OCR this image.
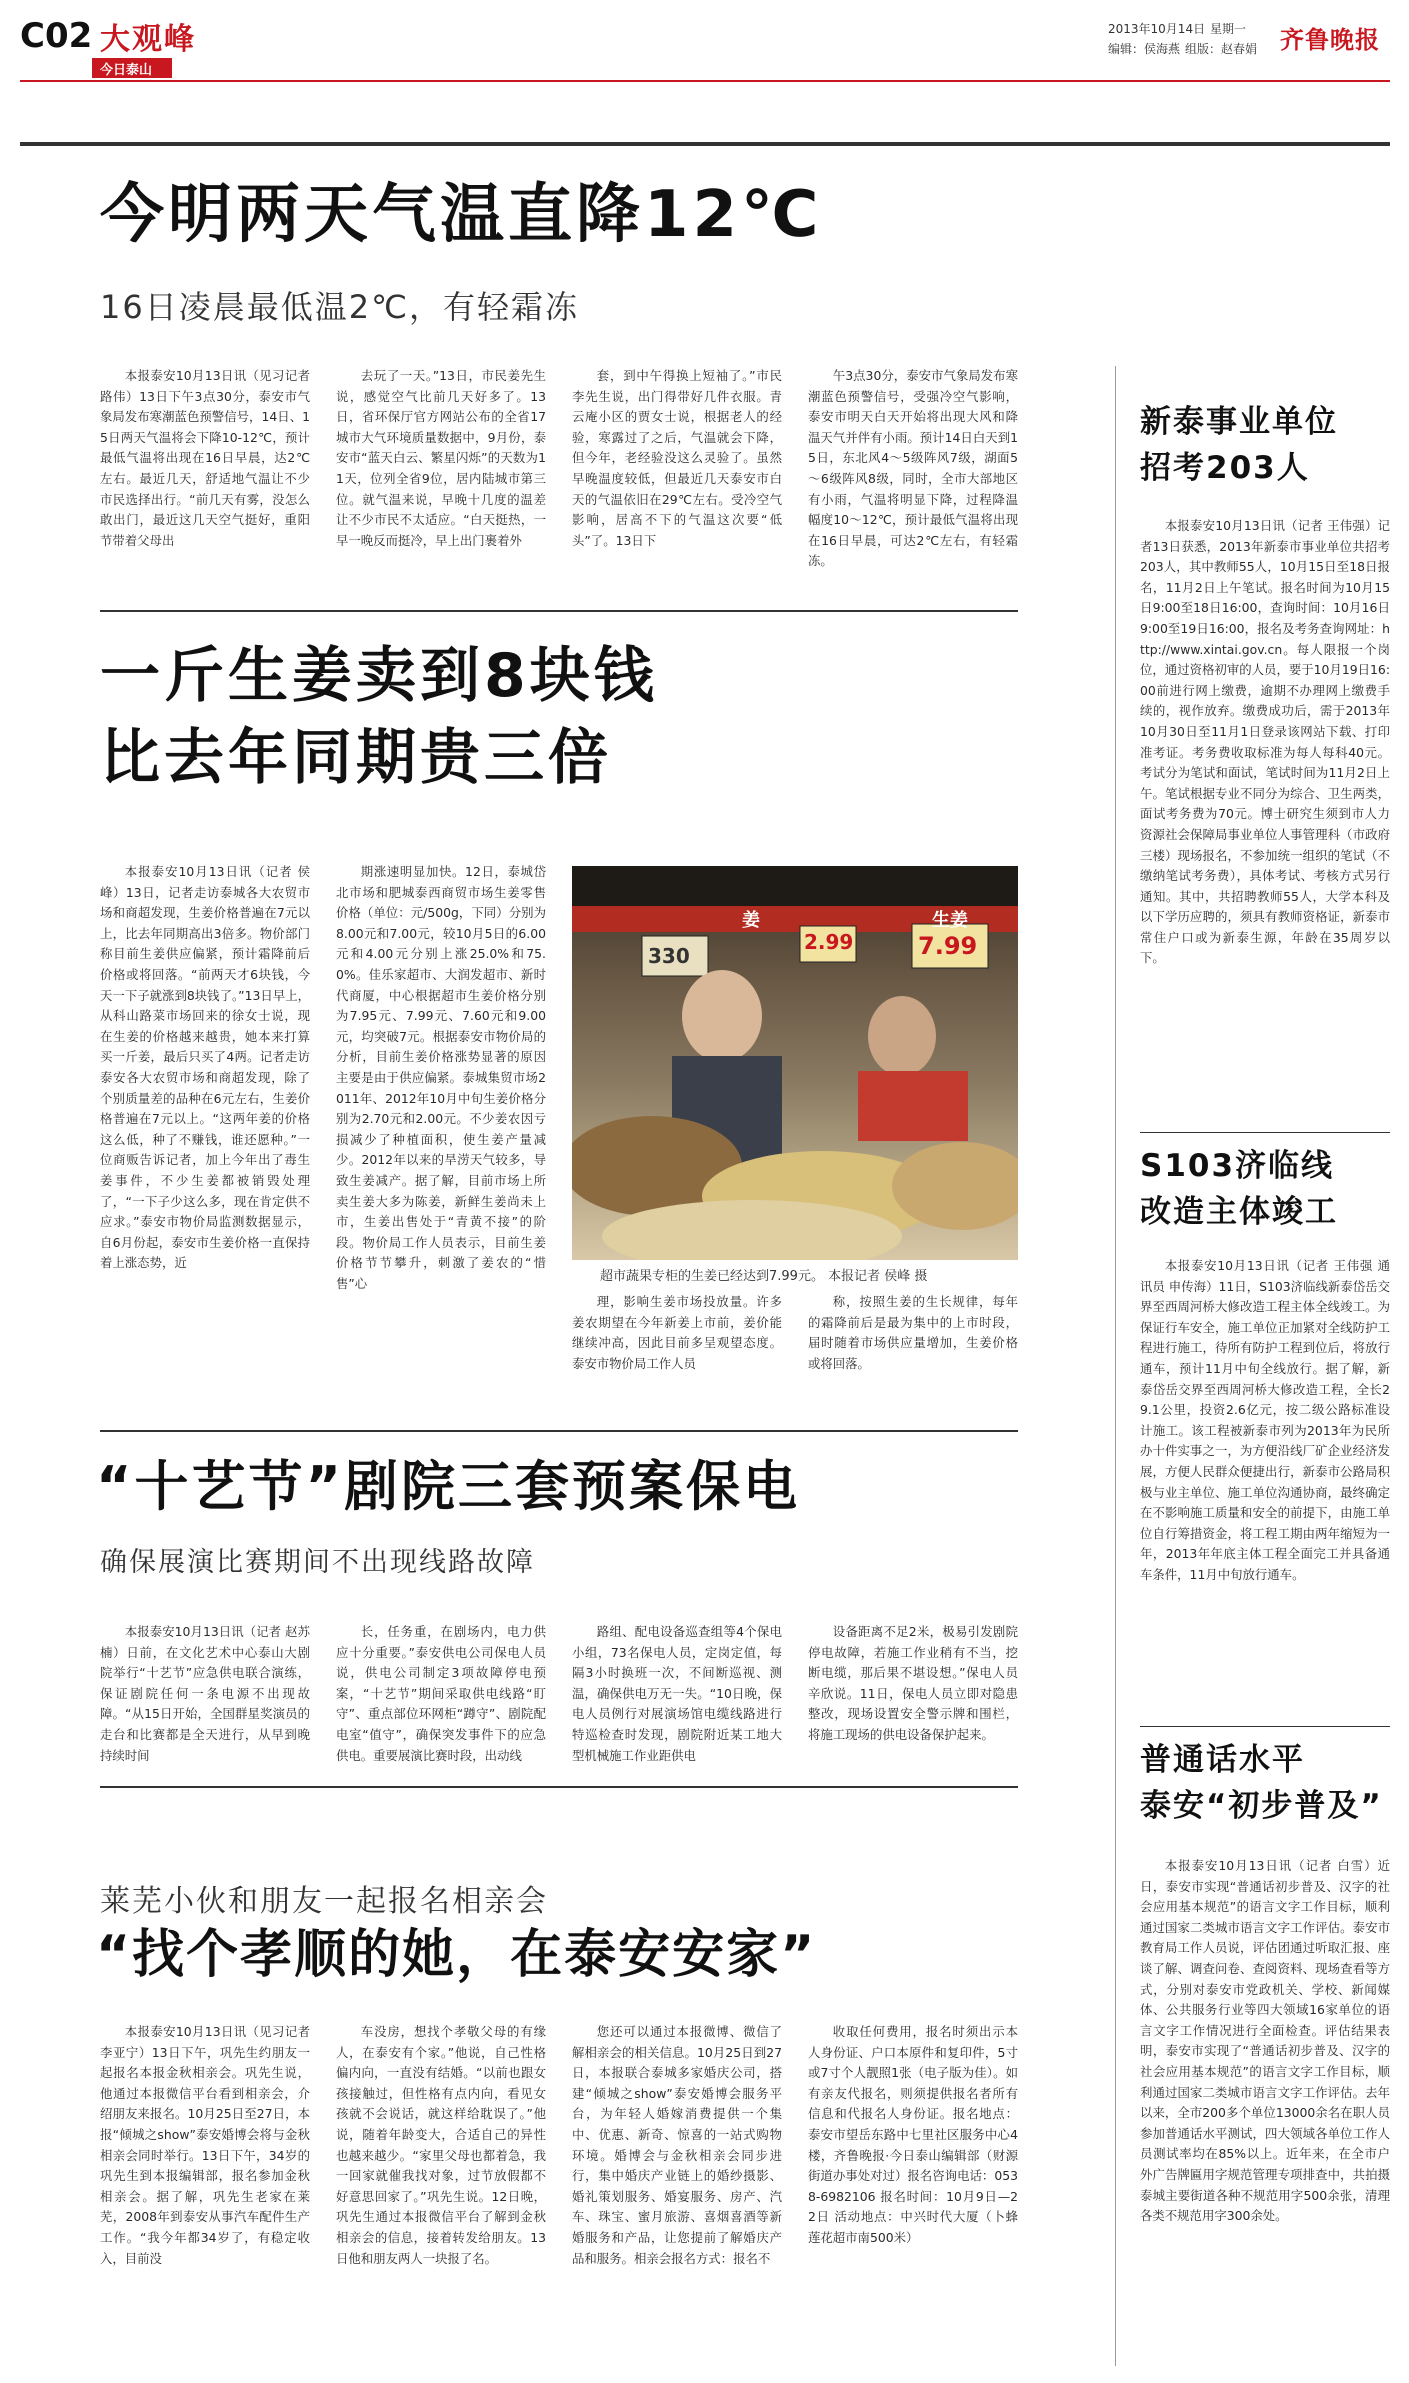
C02 大观峰
今日泰山
2013年10月14日 星期一
编辑：侯海燕 组版：赵春娟 齐鲁晚报
今明两天气温直降12℃
16日凌晨最低温2℃，有轻霜冻
本报泰安10月13日讯（见习记者 路伟）13日下午3点30分，泰安市气象局发布寒潮蓝色预警信号，14日、15日两天气温将会下降10-12℃，预计最低气温将出现在16日早晨，达2℃左右。最近几天，舒适地气温让不少市民选择出行。“前几天有雾，没怎么敢出门，最近这几天空气挺好，重阳节带着父母出
去玩了一天。”13日，市民姜先生说，感觉空气比前几天好多了。13日，省环保厅官方网站公布的全省17城市大气环境质量数据中，9月份，泰安市“蓝天白云、繁星闪烁”的天数为11天，位列全省9位，居内陆城市第三位。就气温来说，早晚十几度的温差让不少市民不太适应。“白天挺热，一早一晚反而挺冷，早上出门裹着外
套，到中午得换上短袖了。”市民李先生说，出门得带好几件衣服。青云庵小区的贾女士说，根据老人的经验，寒露过了之后，气温就会下降，但今年，老经验没这么灵验了。虽然早晚温度较低，但最近几天泰安市白天的气温依旧在29℃左右。受冷空气影响，居高不下的气温这次要“低头”了。13日下
午3点30分，泰安市气象局发布寒潮蓝色预警信号，受强冷空气影响，泰安市明天白天开始将出现大风和降温天气并伴有小雨。预计14日白天到15日，东北风4～5级阵风7级，湖面5～6级阵风8级，同时，全市大部地区有小雨，气温将明显下降，过程降温幅度10～12℃，预计最低气温将出现在16日早晨，可达2℃左右，有轻霜冻。
一斤生姜卖到8块钱
比去年同期贵三倍
本报泰安10月13日讯（记者 侯峰）13日，记者走访泰城各大农贸市场和商超发现，生姜价格普遍在7元以上，比去年同期高出3倍多。物价部门称目前生姜供应偏紧，预计霜降前后价格或将回落。“前两天才6块钱，今天一下子就涨到8块钱了。”13日早上，从科山路菜市场回来的徐女士说，现在生姜的价格越来越贵，她本来打算买一斤姜，最后只买了4两。记者走访泰安各大农贸市场和商超发现，除了个别质量差的品种在6元左右，生姜价格普遍在7元以上。“这两年姜的价格这么低，种了不赚钱，谁还愿种。”一位商贩告诉记者，加上今年出了毒生姜事件，不少生姜都被销毁处理了，“一下子少这么多，现在肯定供不应求。”泰安市物价局监测数据显示，自6月份起，泰安市生姜价格一直保持着上涨态势，近
期涨速明显加快。12日，泰城岱北市场和肥城泰西商贸市场生姜零售价格（单位：元/500g，下同）分别为8.00元和7.00元，较10月5日的6.00元和4.00元分别上涨25.0%和75.0%。佳乐家超市、大润发超市、新时代商厦，中心根据超市生姜价格分别为7.95元、7.99元、7.60元和9.00元，均突破7元。根据泰安市物价局的分析，目前生姜价格涨势显著的原因主要是由于供应偏紧。泰城集贸市场2011年、2012年10月中旬生姜价格分别为2.70元和2.00元。不少姜农因亏损减少了种植面积，使生姜产量减少。2012年以来的旱涝天气较多，导致生姜减产。据了解，目前市场上所卖生姜大多为陈姜，新鲜生姜尚未上市，生姜出售处于“青黄不接”的阶段。物价局工作人员表示，目前生姜价格节节攀升，刺激了姜农的“惜售”心
姜	生姜
7.99
2.99
330
超市蔬果专柜的生姜已经达到7.99元。 本报记者 侯峰 摄
理，影响生姜市场投放量。许多姜农期望在今年新姜上市前，姜价能继续冲高，因此目前多呈观望态度。泰安市物价局工作人员
称，按照生姜的生长规律，每年的霜降前后是最为集中的上市时段，届时随着市场供应量增加，生姜价格或将回落。
“十艺节”剧院三套预案保电
确保展演比赛期间不出现线路故障
本报泰安10月13日讯（记者 赵苏楠）日前，在文化艺术中心泰山大剧院举行“十艺节”应急供电联合演练，保证剧院任何一条电源不出现故障。“从15日开始，全国群星奖演员的走台和比赛都是全天进行，从早到晚持续时间
长，任务重，在剧场内，电力供应十分重要。”泰安供电公司保电人员说，供电公司制定3项故障停电预案，“十艺节”期间采取供电线路“盯守”、重点部位环网柜“蹲守”、剧院配电室“值守”，确保突发事件下的应急供电。重要展演比赛时段，出动线
路组、配电设备巡查组等4个保电小组，73名保电人员，定岗定值，每隔3小时换班一次，不间断巡视、测温，确保供电万无一失。“10日晚，保电人员例行对展演场馆电缆线路进行特巡检查时发现，剧院附近某工地大型机械施工作业距供电
设备距离不足2米，极易引发剧院停电故障，若施工作业稍有不当，挖断电缆，那后果不堪设想。”保电人员辛欣说。11日，保电人员立即对隐患整改，现场设置安全警示牌和围栏，将施工现场的供电设备保护起来。
莱芜小伙和朋友一起报名相亲会
“找个孝顺的她，在泰安安家”
本报泰安10月13日讯（见习记者 李亚宁）13日下午，巩先生约朋友一起报名本报金秋相亲会。巩先生说，他通过本报微信平台看到相亲会，介绍朋友来报名。10月25日至27日，本报“倾城之show”泰安婚博会将与金秋相亲会同时举行。13日下午，34岁的巩先生到本报编辑部，报名参加金秋相亲会。据了解，巩先生老家在莱芜，2008年到泰安从事汽车配件生产工作。“我今年都34岁了，有稳定收入，目前没
车没房，想找个孝敬父母的有缘人，在泰安有个家。”他说，自己性格偏内向，一直没有结婚。“以前也跟女孩接触过，但性格有点内向，看见女孩就不会说话，就这样给耽误了。”他说，随着年龄变大，合适自己的异性也越来越少。“家里父母也都着急，我一回家就催我找对象，过节放假都不好意思回家了。”巩先生说。12日晚，巩先生通过本报微信平台了解到金秋相亲会的信息，接着转发给朋友。13日他和朋友两人一块报了名。
您还可以通过本报微博、微信了解相亲会的相关信息。10月25日到27日，本报联合泰城多家婚庆公司，搭建“倾城之show”泰安婚博会服务平台，为年轻人婚嫁消费提供一个集中、优惠、新奇、惊喜的一站式购物环境。婚博会与金秋相亲会同步进行，集中婚庆产业链上的婚纱摄影、婚礼策划服务、婚宴服务、房产、汽车、珠宝、蜜月旅游、喜烟喜酒等新婚服务和产品，让您提前了解婚庆产品和服务。相亲会报名方式：报名不
收取任何费用，报名时须出示本人身份证、户口本原件和复印件，5寸或7寸个人靓照1张（电子版为佳）。如有亲友代报名，则须提供报名者所有信息和代报名人身份证。报名地点：泰安市望岳东路中七里社区服务中心4楼，齐鲁晚报·今日泰山编辑部（财源街道办事处对过）报名咨询电话：0538-6982106 报名时间：10月9日—22日 活动地点：中兴时代大厦（卜蜂莲花超市南500米）
新泰事业单位
招考203人
本报泰安10月13日讯（记者 王伟强）记者13日获悉，2013年新泰市事业单位共招考203人，其中教师55人，10月15日至18日报名，11月2日上午笔试。报名时间为10月15日9:00至18日16:00，查询时间：10月16日9:00至19日16:00，报名及考务查询网址：http://www.xintai.gov.cn。每人限报一个岗位，通过资格初审的人员，要于10月19日16:00前进行网上缴费，逾期不办理网上缴费手续的，视作放弃。缴费成功后，需于2013年10月30日至11月1日登录该网站下载、打印准考证。考务费收取标准为每人每科40元。考试分为笔试和面试，笔试时间为11月2日上午。笔试根据专业不同分为综合、卫生两类，面试考务费为70元。博士研究生须到市人力资源社会保障局事业单位人事管理科（市政府三楼）现场报名，不参加统一组织的笔试（不缴纳笔试考务费），具体考试、考核方式另行通知。其中，共招聘教师55人，大学本科及以下学历应聘的，须具有教师资格证，新泰市常住户口或为新泰生源，年龄在35周岁以下。
S103济临线
改造主体竣工
本报泰安10月13日讯（记者 王伟强 通讯员 申传海）11日，S103济临线新泰岱岳交界至西周河桥大修改造工程主体全线竣工。为保证行车安全，施工单位正加紧对全线防护工程进行施工，待所有防护工程到位后，将放行通车，预计11月中旬全线放行。据了解，新泰岱岳交界至西周河桥大修改造工程，全长29.1公里，投资2.6亿元，按二级公路标准设计施工。该工程被新泰市列为2013年为民所办十件实事之一，为方便沿线厂矿企业经济发展，方便人民群众便捷出行，新泰市公路局积极与业主单位、施工单位沟通协商，最终确定在不影响施工质量和安全的前提下，由施工单位自行筹措资金，将工程工期由两年缩短为一年，2013年年底主体工程全面完工并具备通车条件，11月中旬放行通车。
普通话水平
泰安“初步普及”
本报泰安10月13日讯（记者 白雪）近日，泰安市实现“普通话初步普及、汉字的社会应用基本规范”的语言文字工作目标，顺利通过国家二类城市语言文字工作评估。泰安市教育局工作人员说，评估团通过听取汇报、座谈了解、调查问卷、查阅资料、现场查看等方式，分别对泰安市党政机关、学校、新闻媒体、公共服务行业等四大领域16家单位的语言文字工作情况进行全面检查。评估结果表明，泰安市实现了“普通话初步普及、汉字的社会应用基本规范”的语言文字工作目标，顺利通过国家二类城市语言文字工作评估。去年以来，全市200多个单位13000余名在职人员参加普通话水平测试，四大领域各单位工作人员测试率均在85%以上。近年来，在全市户外广告牌匾用字规范管理专项排查中，共拍摄泰城主要街道各种不规范用字500余张，清理各类不规范用字300余处。
